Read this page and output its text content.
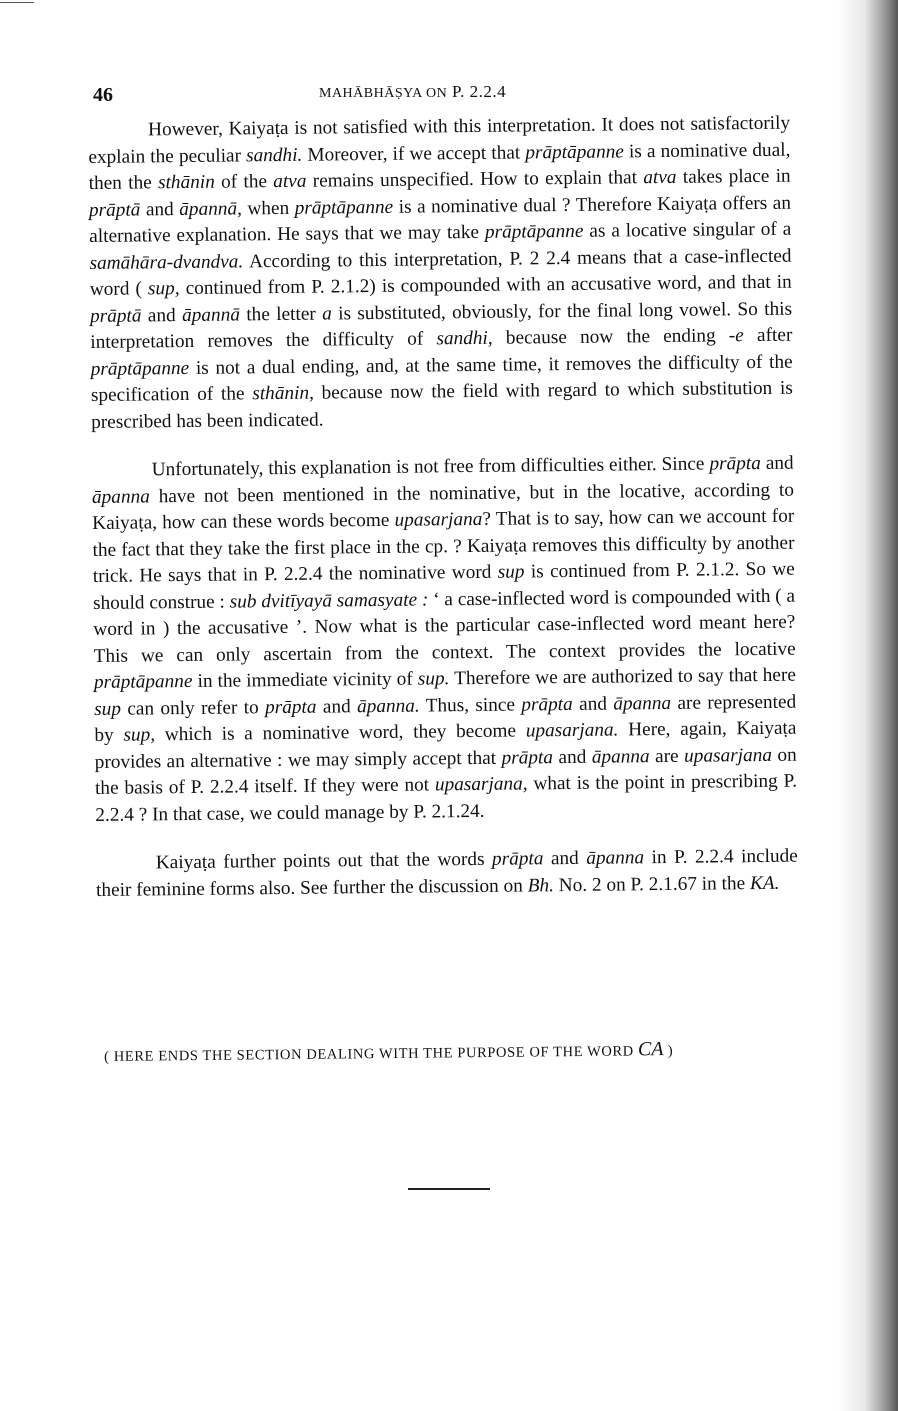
46	MAHĀBHĀṢYA ON P. 2.2.4

However, Kaiyaṭa is not satisfied with this interpretation. It does not satisfactorily explain the peculiar sandhi. Moreover, if we accept that prāptāpanne is a nominative dual, then the sthānin of the atva remains unspecified. How to explain that atva takes place in prāptā and āpannā, when prāptāpanne is a nominative dual ? Therefore Kaiyaṭa offers an alternative explanation. He says that we may take prāptāpanne as a locative singular of a samāhāra-dvandva. According to this interpretation, P. 2 2.4 means that a case-inflected word ( sup, continued from P. 2.1.2) is compounded with an accusative word, and that in prāptā and āpannā the letter a is substituted, obviously, for the final long vowel. So this interpretation removes the difficulty of sandhi, because now the ending -e after prāptāpanne is not a dual ending, and, at the same time, it removes the difficulty of the specification of the sthānin, because now the field with regard to which substitution is prescribed has been indicated.

Unfortunately, this explanation is not free from difficulties either. Since prāpta and āpanna have not been mentioned in the nominative, but in the locative, according to Kaiyaṭa, how can these words become upasarjana? That is to say, how can we account for the fact that they take the first place in the cp. ? Kaiyaṭa removes this difficulty by another trick. He says that in P. 2.2.4 the nominative word sup is continued from P. 2.1.2. So we should construe : sub dvitīyayā samasyate : ‘ a case-inflected word is compounded with ( a word in ) the accusative ’. Now what is the particular case-inflected word meant here? This we can only ascertain from the context. The context provides the locative prāptāpanne in the immediate vicinity of sup. Therefore we are authorized to say that here sup can only refer to prāpta and āpanna. Thus, since prāpta and āpanna are represented by sup, which is a nominative word, they become upasarjana. Here, again, Kaiyaṭa provides an alternative : we may simply accept that prāpta and āpanna are upasarjana on the basis of P. 2.2.4 itself. If they were not upasarjana, what is the point in prescribing P. 2.2.4 ? In that case, we could manage by P. 2.1.24.

Kaiyaṭa further points out that the words prāpta and āpanna in P. 2.2.4 include their feminine forms also. See further the discussion on Bh. No. 2 on P. 2.1.67 in the KA.

( HERE ENDS THE SECTION DEALING WITH THE PURPOSE OF THE WORD CA )
